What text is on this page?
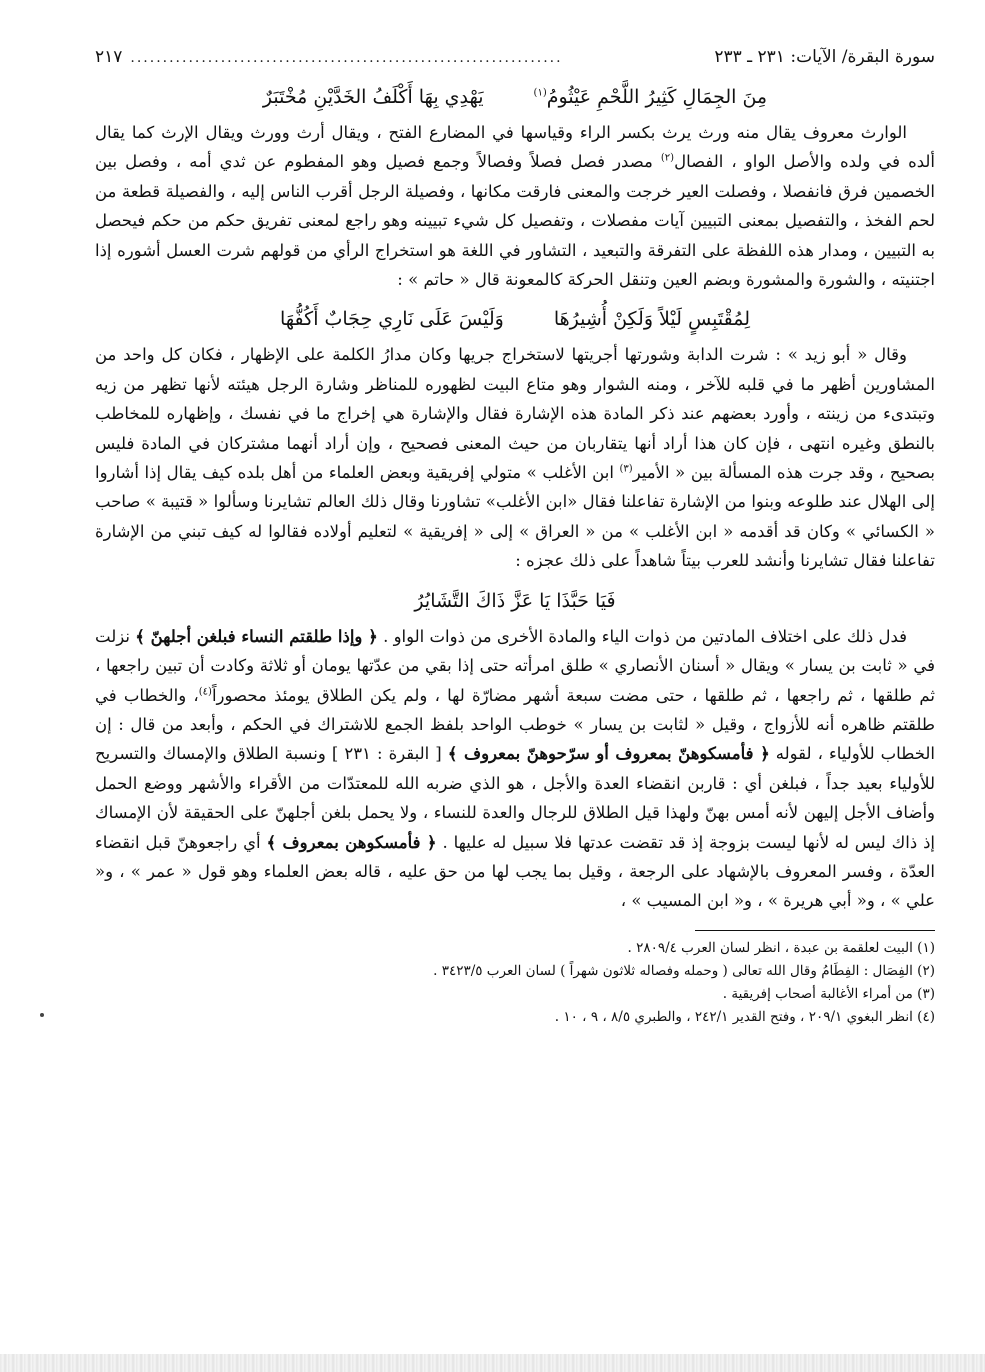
سورة البقرة/ الآيات: ٢٣١ ـ ٢٣٣
...................................................................
٢١٧
مِنَ الجِمَالِ كَثِيرُ اللَّحْمِ عَيْثُومُ$^{(١)}$
يَهْدِي بِهَا أَكْلَفُ الخَدَّيْنِ مُخْتَبَرٌ

الوارث معروف يقال منه ورث يرث بكسر الراء وقياسها في المضارع الفتح ، ويقال أرث وورث ويقال الإرث كما يقال ألده في ولده والأصل الواو ، الفصال$^{(٢)}$ مصدر فصل فصلاً وفصالاً وجمع فصيل وهو المفطوم عن ثدي أمه ، وفصل بين الخصمين فرق فانفصلا ، وفصلت العير خرجت والمعنى فارقت مكانها ، وفصيلة الرجل أقرب الناس إليه ، والفصيلة قطعة من لحم الفخذ ، والتفصيل بمعنى التبيين آيات مفصلات ، وتفصيل كل شيء تبيينه وهو راجع لمعنى تفريق حكم من حكم فيحصل به التبيين ، ومدار هذه اللفظة على التفرقة والتبعيد ، التشاور في اللغة هو استخراج الرأي من قولهم شرت العسل أشوره إذا اجتنيته ، والشورة والمشورة وبضم العين وتنقل الحركة كالمعونة قال « حاتم » :

لِمُقْتَبِسٍ لَيْلاً وَلَكِنْ أُشِيرُهَا
وَلَيْسَ عَلَى نَارِي حِجَابٌ أَكُفُّهَا

وقال « أبو زيد » : شرت الدابة وشورتها أجريتها لاستخراج جريها وكان مدارُ الكلمة على الإظهار ، فكان كل واحد من المشاورين أظهر ما في قلبه للآخر ، ومنه الشوار وهو متاع البيت لظهوره للمناظر وشارة الرجل هيئته لأنها تظهر من زيه وتبتدىء من زينته ، وأورد بعضهم عند ذكر المادة هذه الإشارة فقال والإشارة هي إخراج ما في نفسك ، وإظهاره للمخاطب بالنطق وغيره انتهى ، فإن كان هذا أراد أنها يتقاربان من حيث المعنى فصحيح ، وإن أراد أنهما مشتركان في المادة فليس بصحيح ، وقد جرت هذه المسألة بين « الأمير$^{(٣)}$ ابن الأغلب » متولي إفريقية وبعض العلماء من أهل بلده كيف يقال إذا أشاروا إلى الهلال عند طلوعه وبنوا من الإشارة تفاعلنا فقال «ابن الأغلب» تشاورنا وقال ذلك العالم تشايرنا وسألوا « قتيبة » صاحب « الكسائي » وكان قد أقدمه « ابن الأغلب » من « العراق » إلى « إفريقية » لتعليم أولاده فقالوا له كيف تبني من الإشارة تفاعلنا فقال تشايرنا وأنشد للعرب بيتاً شاهداً على ذلك عجزه :

فَيَا حَبَّذَا يَا عَزَّ ذَاكَ التَّشَايُرُ

فدل ذلك على اختلاف المادتين من ذوات الياء والمادة الأخرى من ذوات الواو . ﴿ وإذا طلقتم النساء فبلغن أجلهنّ ﴾ نزلت في « ثابت بن يسار » ويقال « أسنان الأنصاري » طلق امرأته حتى إذا بقي من عدّتها يومان أو ثلاثة وكادت أن تبين راجعها ، ثم طلقها ، ثم راجعها ، ثم طلقها ، حتى مضت سبعة أشهر مضارّة لها ، ولم يكن الطلاق يومئذ محصوراً$^{(٤)}$، والخطاب في طلقتم ظاهره أنه للأزواج ، وقيل « لثابت بن يسار » خوطب الواحد بلفظ الجمع للاشتراك في الحكم ، وأبعد من قال : إن الخطاب للأولياء ، لقوله ﴿ فأمسكوهنّ بمعروف أو سرّحوهنّ بمعروف ﴾ [ البقرة : ٢٣١ ] ونسبة الطلاق والإمساك والتسريح للأولياء بعيد جداً ، فبلغن أي : قاربن انقضاء العدة والأجل ، هو الذي ضربه الله للمعتدّات من الأقراء والأشهر ووضع الحمل وأضاف الأجل إليهن لأنه أمس بهنّ ولهذا قيل الطلاق للرجال والعدة للنساء ، ولا يحمل بلغن أجلهنّ على الحقيقة لأن الإمساك إذ ذاك ليس له لأنها ليست بزوجة إذ قد تقضت عدتها فلا سبيل له عليها . ﴿ فأمسكوهن بمعروف ﴾ أي راجعوهنّ قبل انقضاء العدّة ، وفسر المعروف بالإشهاد على الرجعة ، وقيل بما يجب لها من حق عليه ، قاله بعض العلماء وهو قول « عمر » ، و« علي » ، و« أبي هريرة » ، و« ابن المسيب » ،

(١) البيت لعلقمة بن عبدة ، انظر لسان العرب ٢٨٠٩/٤ .
(٢) الفِصَال : الفِطَامُ وقال الله تعالى ( وحمله وفصاله ثلاثون شهراً ) لسان العرب ٣٤٢٣/٥ .
(٣) من أمراء الأغالبة أصحاب إفريقية .
(٤) انظر البغوي ٢٠٩/١ ، وفتح القدير ٢٤٢/١ ، والطبري ٨/٥ ، ٩ ، ١٠ .
